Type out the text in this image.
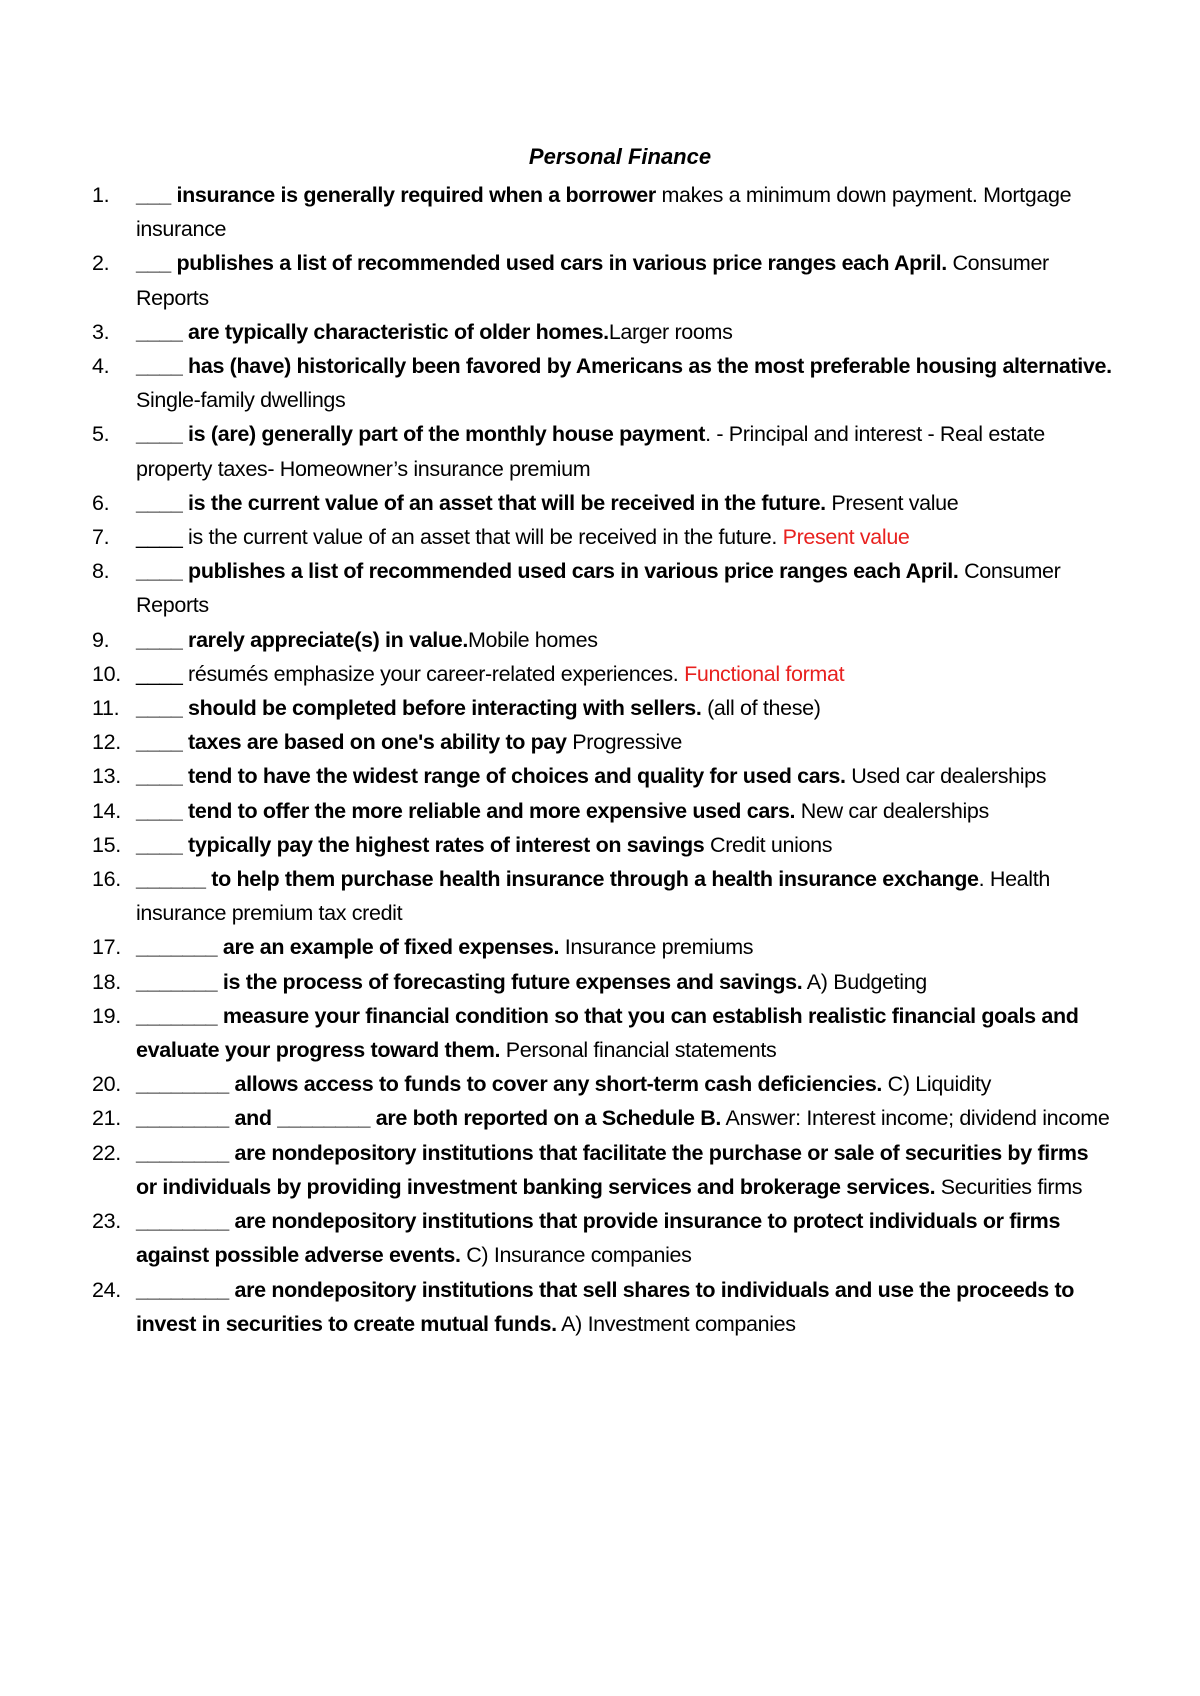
Personal Finance
1. ___ insurance is generally required when a borrower makes a minimum down payment. Mortgage insurance
2. ___ publishes a list of recommended used cars in various price ranges each April. Consumer Reports
3. ____ are typically characteristic of older homes.Larger rooms
4. ____ has (have) historically been favored by Americans as the most preferable housing alternative. Single-family dwellings
5. ____ is (are) generally part of the monthly house payment. - Principal and interest - Real estate property taxes- Homeowner’s insurance premium
6. ____ is the current value of an asset that will be received in the future. Present value
7. ____ is the current value of an asset that will be received in the future. Present value
8. ____ publishes a list of recommended used cars in various price ranges each April. Consumer Reports
9. ____ rarely appreciate(s) in value.Mobile homes
10. ____ résumés emphasize your career-related experiences. Functional format
11. ____ should be completed before interacting with sellers. (all of these)
12. ____ taxes are based on one's ability to pay Progressive
13. ____ tend to have the widest range of choices and quality for used cars. Used car dealerships
14. ____ tend to offer the more reliable and more expensive used cars. New car dealerships
15. ____ typically pay the highest rates of interest on savings Credit unions
16. ______ to help them purchase health insurance through a health insurance exchange. Health insurance premium tax credit
17. _______ are an example of fixed expenses. Insurance premiums
18. _______ is the process of forecasting future expenses and savings. A) Budgeting
19. _______ measure your financial condition so that you can establish realistic financial goals and evaluate your progress toward them. Personal financial statements
20. ________ allows access to funds to cover any short-term cash deficiencies. C) Liquidity
21. ________ and ________ are both reported on a Schedule B. Answer: Interest income; dividend income
22. ________ are nondepository institutions that facilitate the purchase or sale of securities by firms or individuals by providing investment banking services and brokerage services. Securities firms
23. ________ are nondepository institutions that provide insurance to protect individuals or firms against possible adverse events. C) Insurance companies
24. ________ are nondepository institutions that sell shares to individuals and use the proceeds to invest in securities to create mutual funds. A) Investment companies
